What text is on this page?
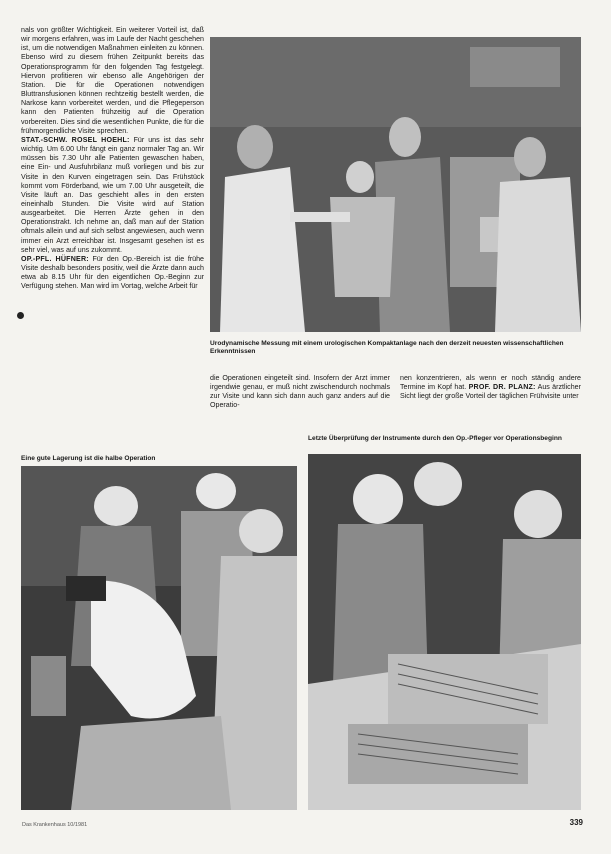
nals von größter Wichtigkeit. Ein weiterer Vorteil ist, daß wir morgens erfahren, was im Laufe der Nacht geschehen ist, um die notwendigen Maßnahmen einleiten zu können. Ebenso wird zu diesem frühen Zeitpunkt bereits das Operationsprogramm für den folgenden Tag festgelegt. Hiervon profitieren wir ebenso alle Angehörigen der Station. Die für die Operationen notwendigen Bluttransfusionen können rechtzeitig bestellt werden, die Narkose kann vorbereitet werden, und die Pflegeperson kann den Patienten frühzeitig auf die Operation vorbereiten. Dies sind die wesentlichen Punkte, die für die frühmorgendliche Visite sprechen.

STAT.-SCHW. ROSEL HOEHL: Für uns ist das sehr wichtig. Um 6.00 Uhr fängt ein ganz normaler Tag an. Wir müssen bis 7.30 Uhr alle Patienten gewaschen haben, eine Ein- und Ausfuhrbilanz muß vorliegen und bis zur Visite in den Kurven eingetragen sein. Das Frühstück kommt vom Förderband, wie um 7.00 Uhr ausgeteilt, die Visite läuft an. Das geschieht alles in den ersten eineinhalb Stunden. Die Visite wird auf Station ausgearbeitet. Die Herren Ärzte gehen in den Operationstrakt. Ich nehme an, daß man auf der Station oftmals allein und auf sich selbst angewiesen, auch wenn immer ein Arzt erreichbar ist. Insgesamt gesehen ist es sehr viel, was auf uns zukommt.

OP.-PFL. HÜFNER: Für den Op.-Bereich ist die frühe Visite deshalb besonders positiv, weil die Ärzte dann auch etwa ab 8.15 Uhr für den eigentlichen Op.-Beginn zur Verfügung stehen. Man wird im Vortag, welche Arbeit für

Urodynamische Messung mit einem urologischen Kompaktanlage nach den derzeit neuesten wissenschaftlichen Erkenntnissen
die Operationen eingeteilt sind. Insofern der Arzt immer irgendwie genau, er muß nicht zwischendurch nochmals zur Visite und kann sich dann auch ganz anders auf die Operatio-
nen konzentrieren, als wenn er noch ständig andere Termine im Kopf hat. PROF. DR. PLANZ: Aus ärztlicher Sicht liegt der große Vorteil der täglichen Frühvisite unter
Letzte Überprüfung der Instrumente durch den Op.-Pfleger vor Operationsbeginn
Eine gute Lagerung ist die halbe Operation
Das Krankenhaus 10/1981	339
